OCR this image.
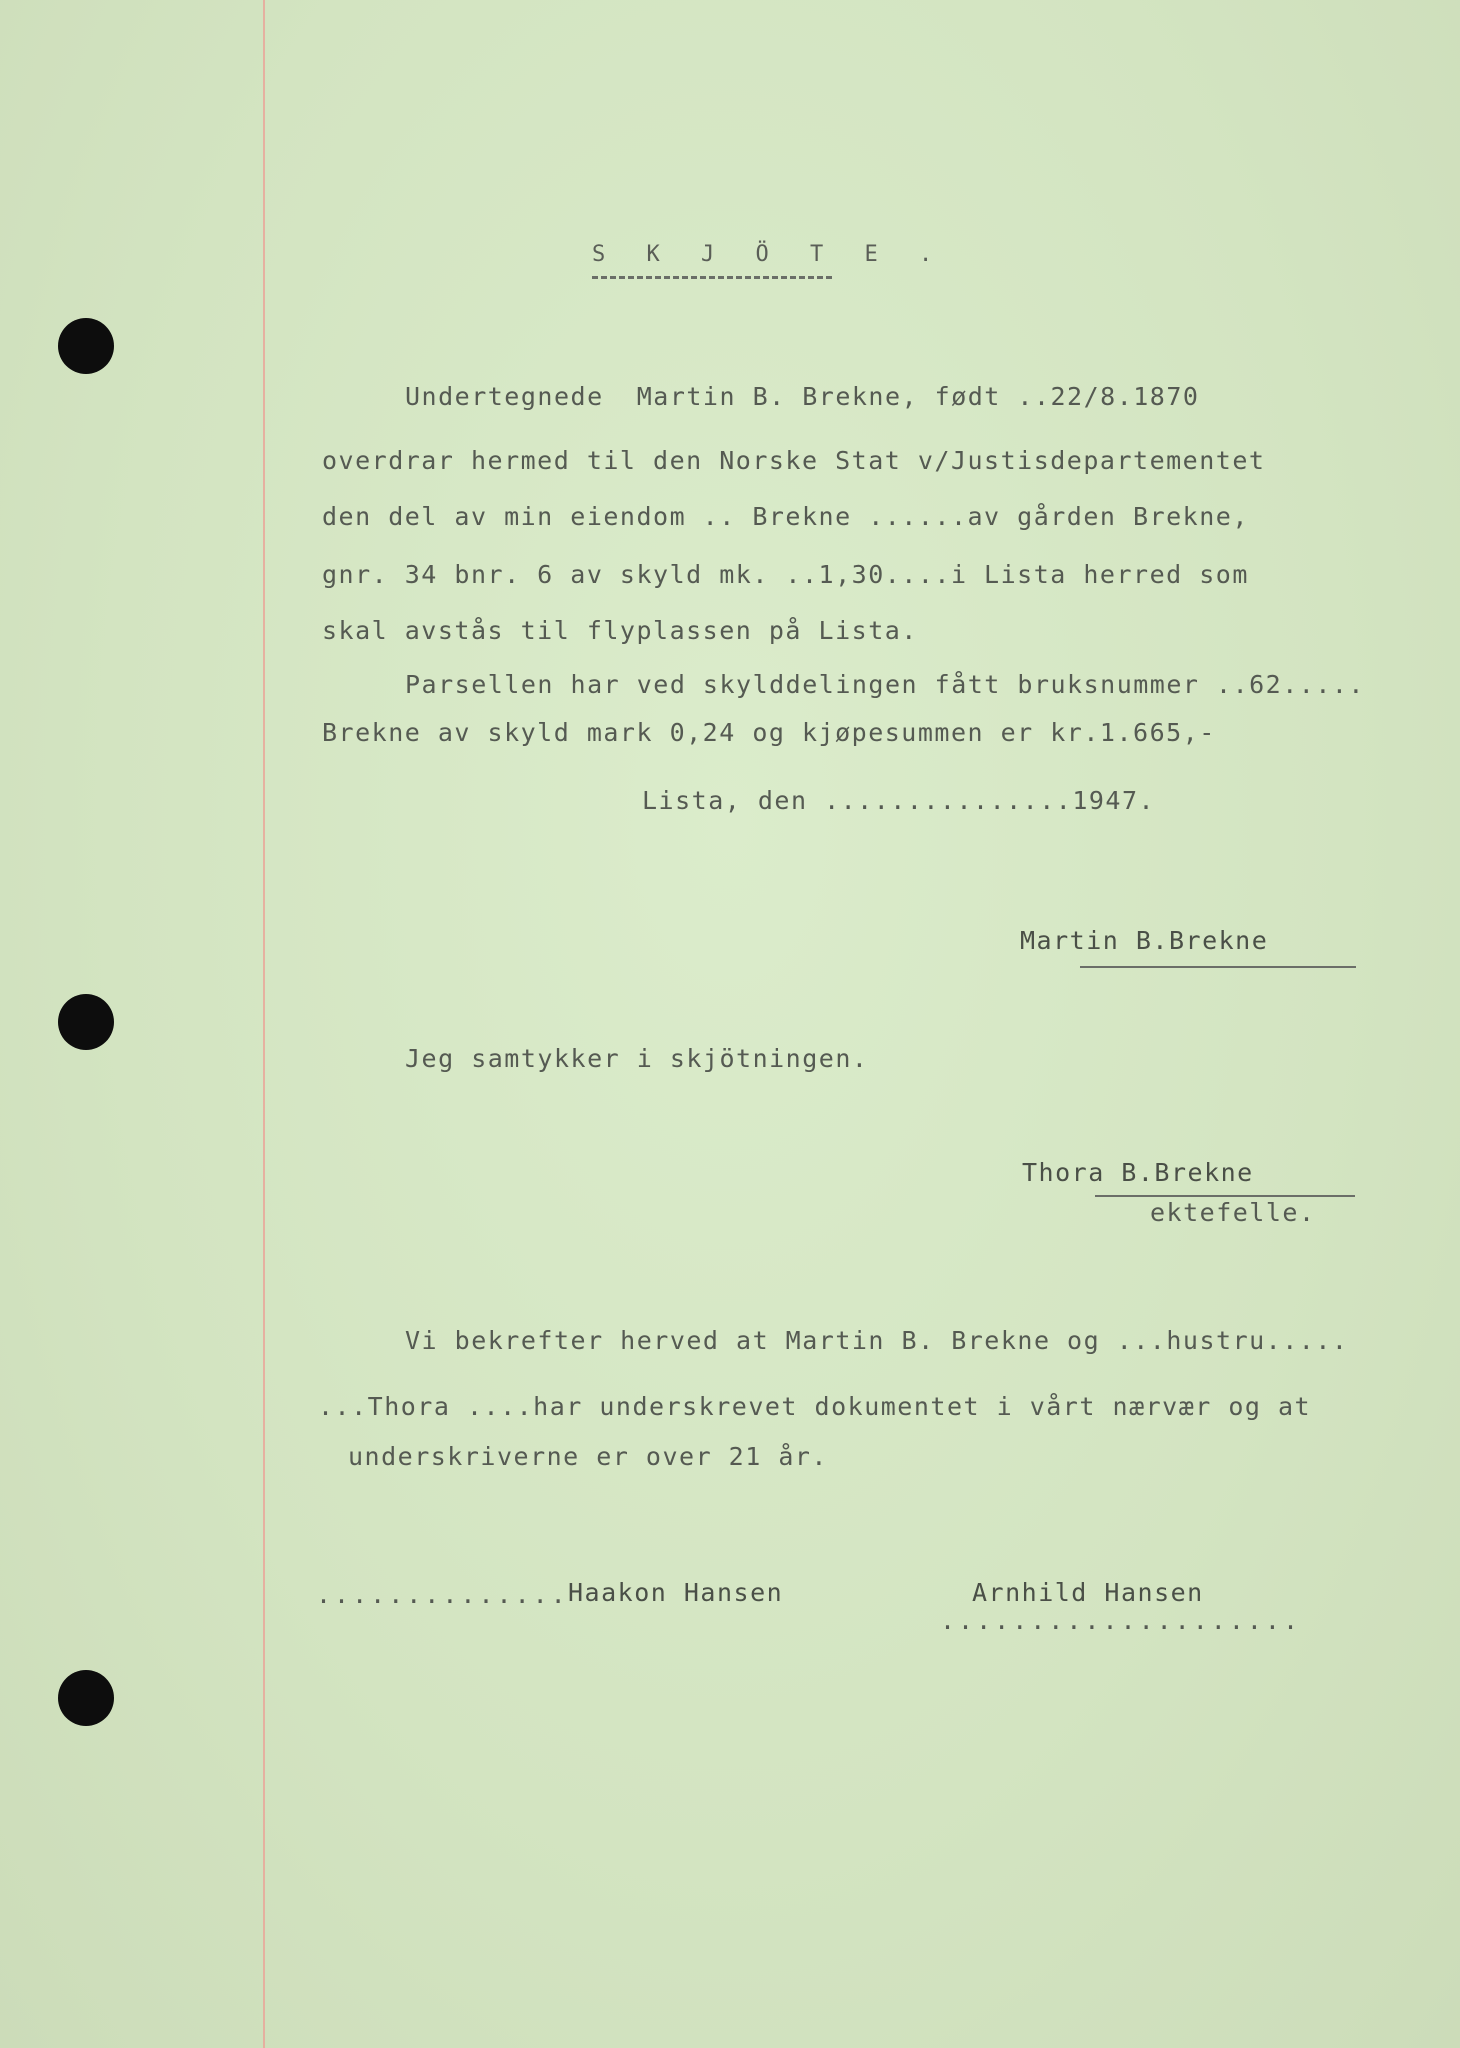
S K J Ö T E .
Undertegnede  Martin B. Brekne, født ..22/8.1870
overdrar hermed til den Norske Stat v/Justisdepartementet
den del av min eiendom .. Brekne ......av gården Brekne,
gnr. 34 bnr. 6 av skyld mk. ..1,30....i Lista herred som
skal avstås til flyplassen på Lista.
Parsellen har ved skylddelingen fått bruksnummer ..62.....
Brekne av skyld mark 0,24 og kjøpesummen er kr.1.665,-
Lista, den ...............1947.
Martin B.Brekne
Jeg samtykker i skjötningen.
Thora B.Brekne
ektefelle.
Vi bekrefter herved at Martin B. Brekne og ...hustru.....
...Thora ....har underskrevet dokumentet i vårt nærvær og at
underskriverne er over 21 år.
.............. Haakon Hansen	Arnhild Hansen
....................
